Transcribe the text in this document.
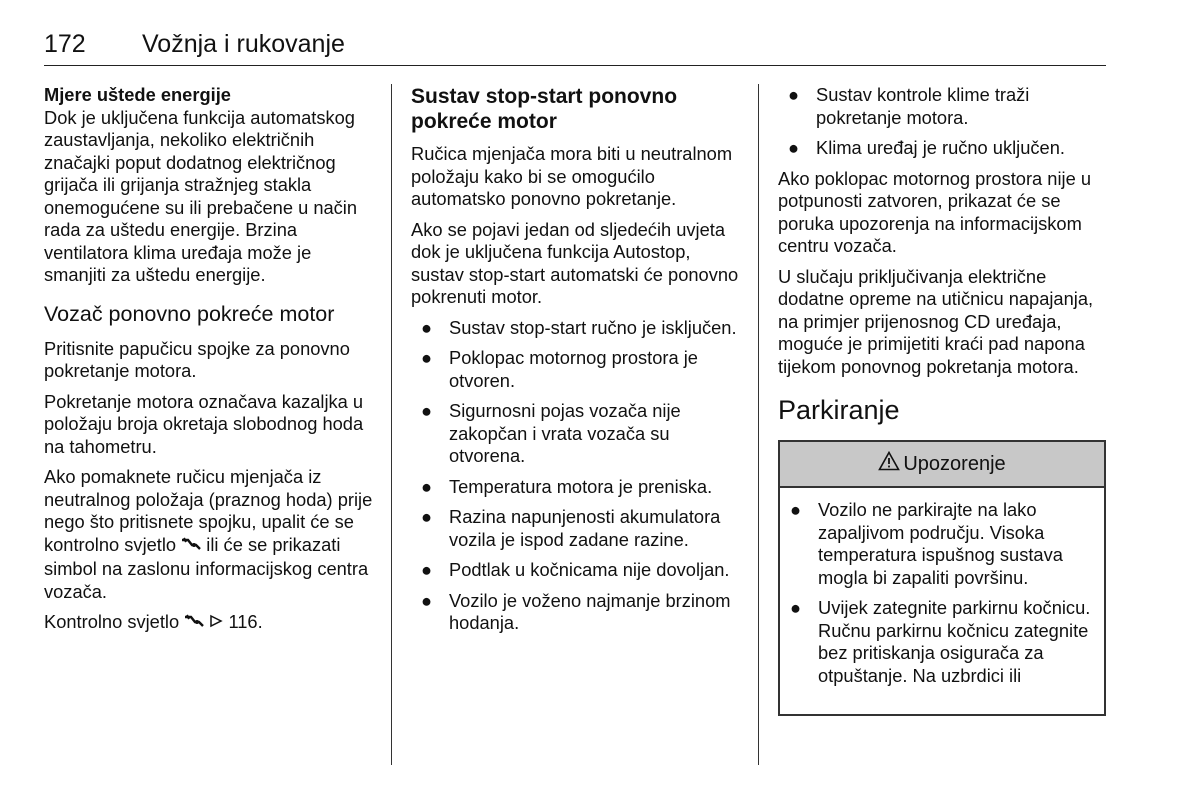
172 Vožnja i rukovanje

Mjere uštede energije

Dok je uključena funkcija automatskog zaustavljanja, nekoliko električnih značajki poput dodatnog električnog grijača ili grijanja stražnjeg stakla onemogućene su ili prebačene u način rada za uštedu energije. Brzina ventilatora klima uređaja može je smanjiti za uštedu energije.

Vozač ponovno pokreće motor

Pritisnite papučicu spojke za ponovno pokretanje motora.

Pokretanje motora označava kazaljka u položaju broja okretaja slobodnog hoda na tahometru.

Ako pomaknete ručicu mjenjača iz neutralnog položaja (praznog hoda) prije nego što pritisnete spojku, upalit će se kontrolno svjetlo ili će se prikazati simbol na zaslonu informacijskog centra vozača.

Kontrolno svjetlo	116.

Sustav stop-start ponovno pokreće motor

Ručica mjenjača mora biti u neutralnom položaju kako bi se omogućilo automatsko ponovno pokretanje.

Ako se pojavi jedan od sljedećih uvjeta dok je uključena funkcija Autostop, sustav stop-start automatski će ponovno pokrenuti motor.

● Sustav stop-start ručno je isključen.
● Poklopac motornog prostora je otvoren.
● Sigurnosni pojas vozača nije zakopčan i vrata vozača su otvorena.
● Temperatura motora je preniska.
● Razina napunjenosti akumulatora vozila je ispod zadane razine.
● Podtlak u kočnicama nije dovoljan.
● Vozilo je voženo najmanje brzinom hodanja.
● Sustav kontrole klime traži pokretanje motora.
● Klima uređaj je ručno uključen.

Ako poklopac motornog prostora nije u potpunosti zatvoren, prikazat će se poruka upozorenja na informacijskom centru vozača.

U slučaju priključivanja električne dodatne opreme na utičnicu napajanja, na primjer prijenosnog CD uređaja, moguće je primijetiti kraći pad napona tijekom ponovnog pokretanja motora.

Parkiranje
Upozorenje
● Vozilo ne parkirajte na lako zapaljivom području. Visoka temperatura ispušnog sustava mogla bi zapaliti površinu.
● Uvijek zategnite parkirnu kočnicu. Ručnu parkirnu kočnicu zategnite bez pritiskanja osigurača za otpuštanje. Na uzbrdici ili
